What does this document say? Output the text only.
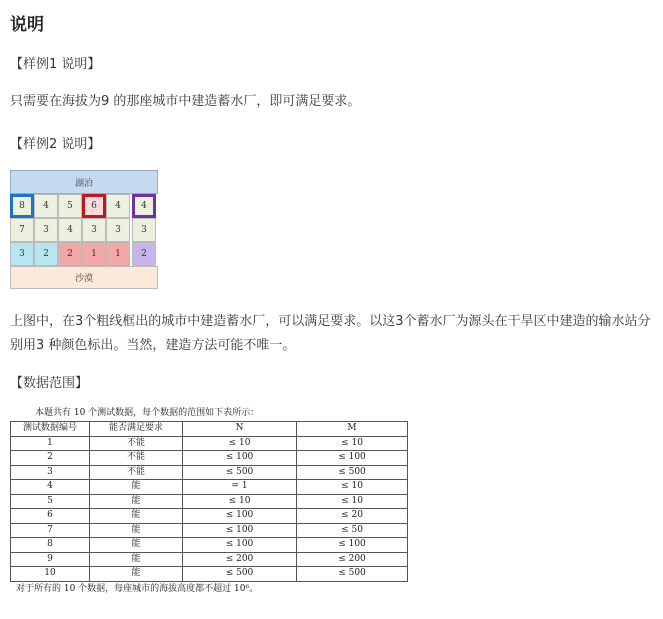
说明
【样例1 说明】
只需要在海拔为9 的那座城市中建造蓄水厂，即可满足要求。
【样例2 说明】
湖泊
8	4	5	6	4	4
7	3	4	3	3	3
3	2	2	1	1	2
沙漠
上图中，在3个粗线框出的城市中建造蓄水厂，可以满足要求。以这3个蓄水厂为源头在干旱区中建造的输水站分
别用3 种颜色标出。当然，建造方法可能不唯一。
【数据范围】
本题共有 10 个测试数据，每个数据的范围如下表所示：
测试数据编号	能否满足要求	N	M
1	不能	≤ 10	≤ 10
2	不能	≤ 100	≤ 100
3	不能	≤ 500	≤ 500
4	能	= 1	≤ 10
5	能	≤ 10	≤ 10
6	能	≤ 100	≤ 20
7	能	≤ 100	≤ 50
8	能	≤ 100	≤ 100
9	能	≤ 200	≤ 200
10	能	≤ 500	≤ 500
对于所有的 10 个数据，每座城市的海拔高度都不超过 10⁶。
